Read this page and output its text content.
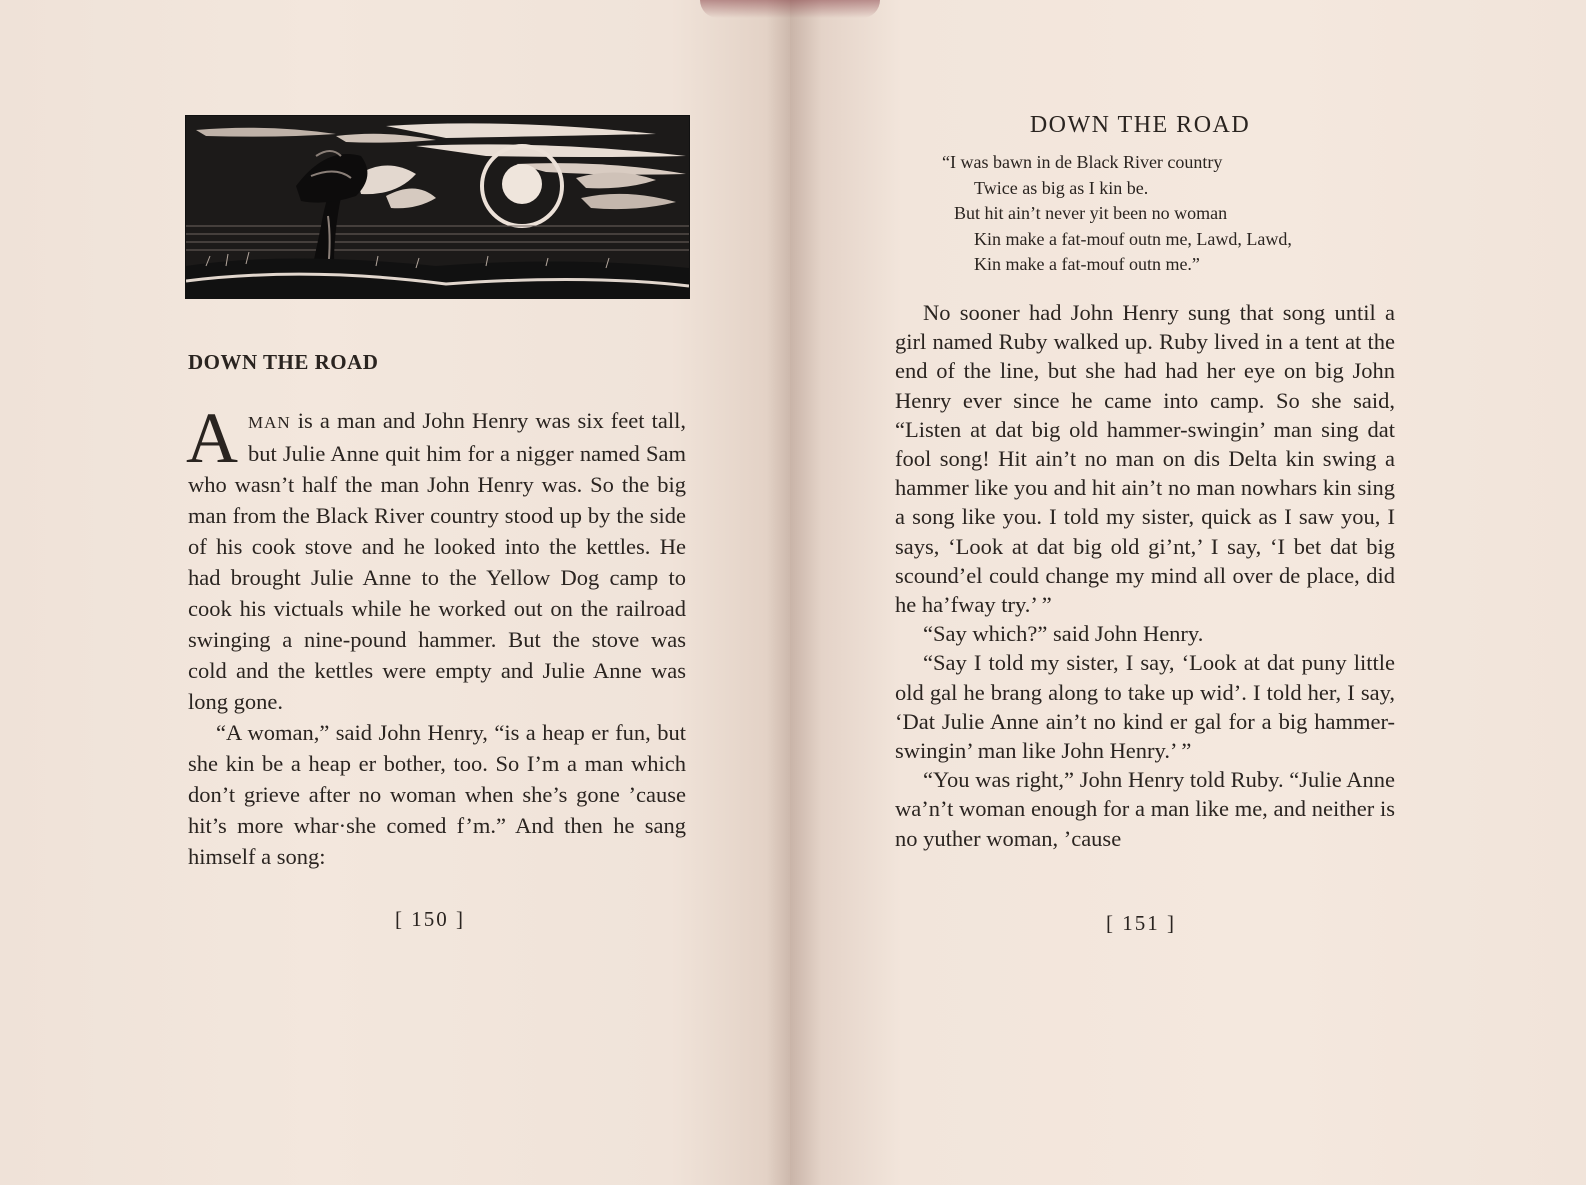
DOWN THE ROAD

AMAN is a man and John Henry was six feet tall, but Julie Anne quit him for a nigger named Sam who wasn’t half the man John Henry was. So the big man from the Black River country stood up by the side of his cook stove and he looked into the kettles. He had brought Julie Anne to the Yellow Dog camp to cook his victuals while he worked out on the railroad swinging a nine-pound hammer. But the stove was cold and the kettles were empty and Julie Anne was long gone.

“A woman,” said John Henry, “is a heap er fun, but she kin be a heap er bother, too. So I’m a man which don’t grieve after no woman when she’s gone ’cause hit’s more whar·she comed f’m.” And then he sang himself a song:

[ 150 ]
DOWN THE ROAD
“I was bawn in de Black River country
Twice as big as I kin be.
But hit ain’t never yit been no woman
Kin make a fat-mouf outn me, Lawd, Lawd,
Kin make a fat-mouf outn me.”

No sooner had John Henry sung that song until a girl named Ruby walked up. Ruby lived in a tent at the end of the line, but she had had her eye on big John Henry ever since he came into camp. So she said, “Listen at dat big old hammer-swingin’ man sing dat fool song! Hit ain’t no man on dis Delta kin swing a hammer like you and hit ain’t no man nowhars kin sing a song like you. I told my sister, quick as I saw you, I says, ‘Look at dat big old gi’nt,’ I say, ‘I bet dat big scound’el could change my mind all over de place, did he ha’fway try.’ ”

“Say which?” said John Henry.

“Say I told my sister, I say, ‘Look at dat puny little old gal he brang along to take up wid’. I told her, I say, ‘Dat Julie Anne ain’t no kind er gal for a big hammer-swingin’ man like John Henry.’ ”

“You was right,” John Henry told Ruby. “Julie Anne wa’n’t woman enough for a man like me, and neither is no yuther woman, ’cause

[ 151 ]
